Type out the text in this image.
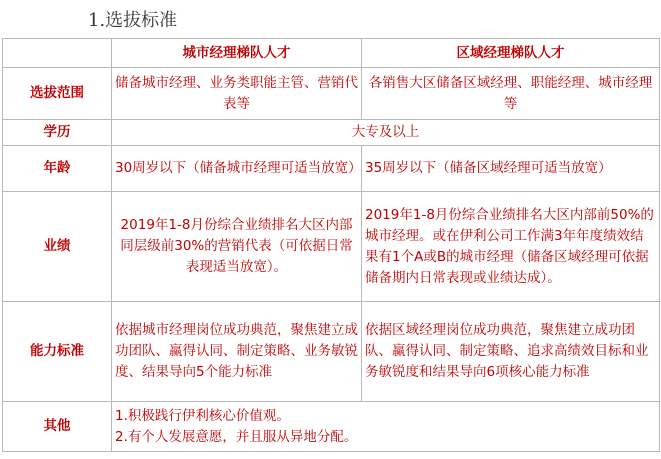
1.选拔标准
	城市经理梯队人才	区域经理梯队人才
选拔范围	储备城市经理、业务类职能主管、营销代表等	各销售大区储备区域经理、职能经理、城市经理等
学历	大专及以上	
年龄	30周岁以下（储备城市经理可适当放宽）	35周岁以下（储备区域经理可适当放宽）
业绩	2019年1-8月份综合业绩排名大区内部同层级前30%的营销代表（可依据日常表现适当放宽）。	2019年1-8月份综合业绩排名大区内部前50%的城市经理。或在伊利公司工作满3年年度绩效结果有1个A或B的城市经理（储备区域经理可依据储备期内日常表现或业绩达成）。
能力标准	依据城市经理岗位成功典范，聚焦建立成功团队、赢得认同、制定策略、业务敏锐度、结果导向5个能力标准	依据区域经理岗位成功典范，聚焦建立成功团队、赢得认同、制定策略、追求高绩效目标和业务敏锐度和结果导向6项核心能力标准
其他	1.积极践行伊利核心价值观。
2.有个人发展意愿，并且服从异地分配。	
